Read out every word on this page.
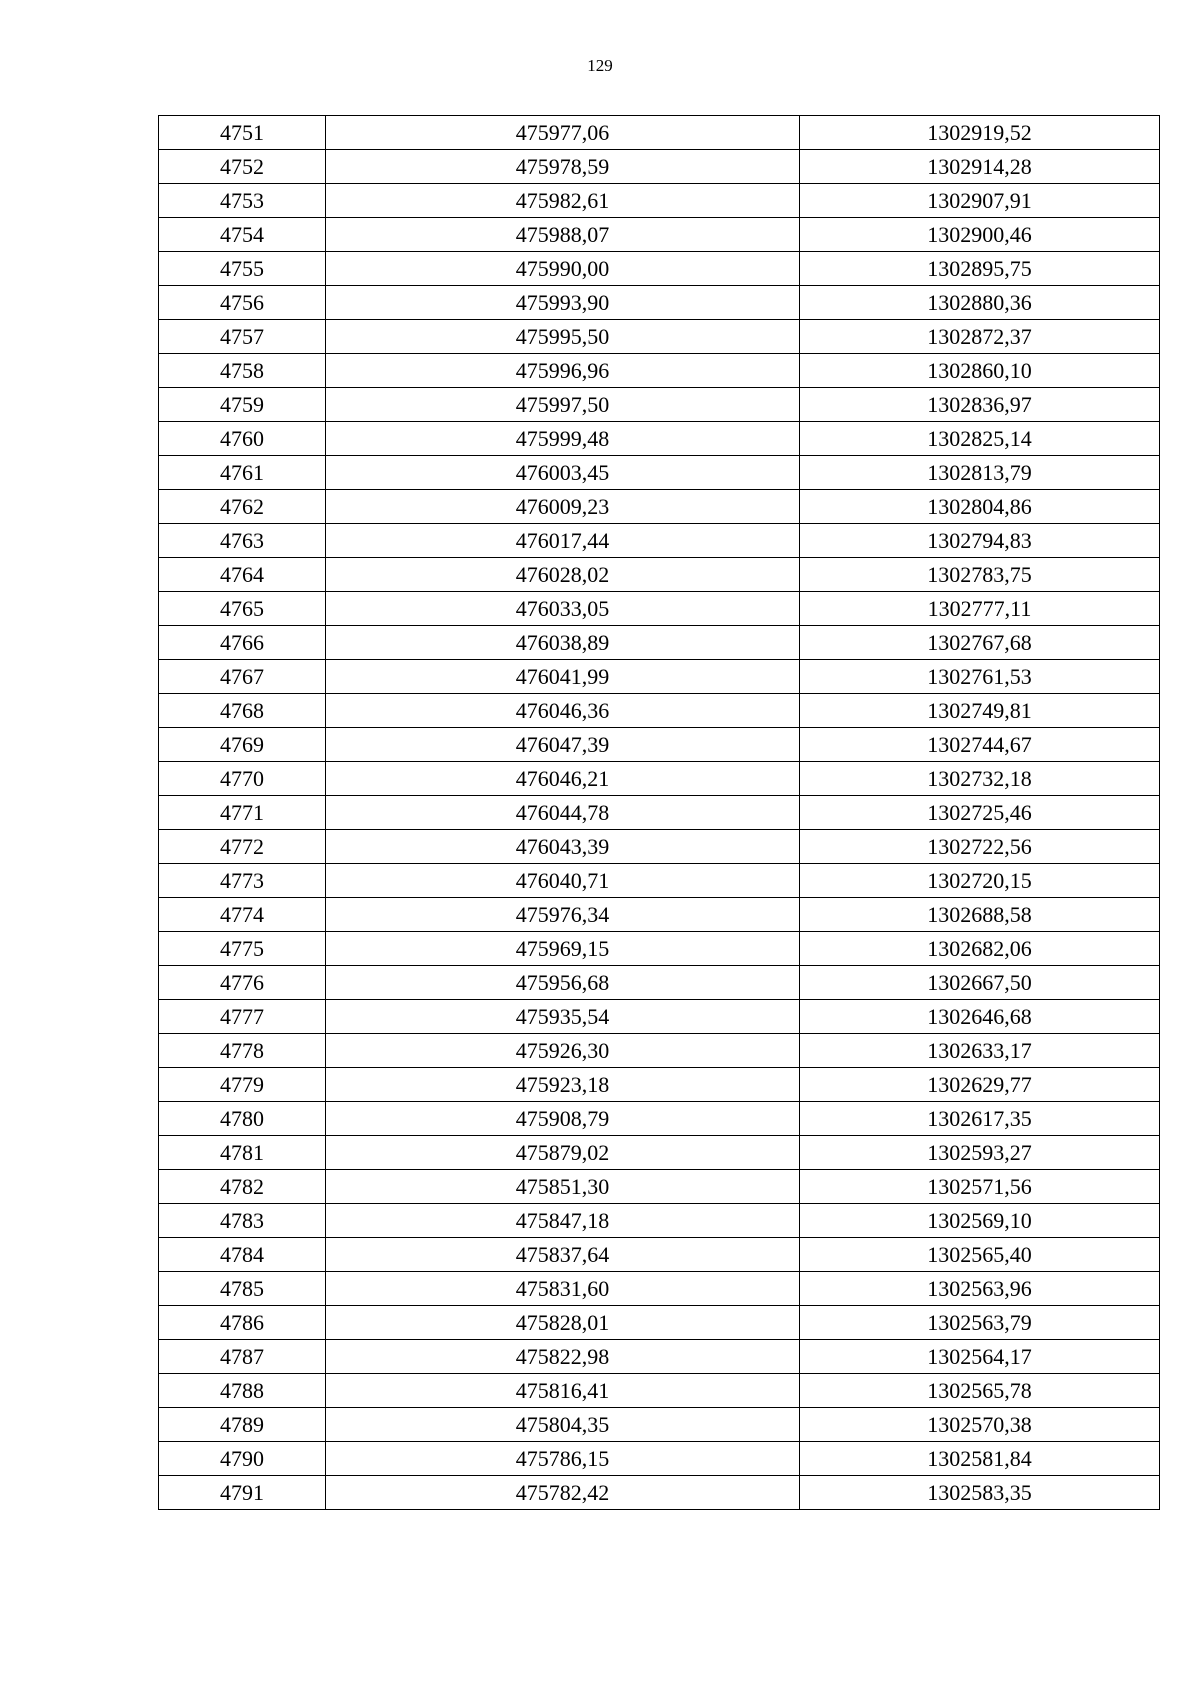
129
4751	475977,06	1302919,52
4752	475978,59	1302914,28
4753	475982,61	1302907,91
4754	475988,07	1302900,46
4755	475990,00	1302895,75
4756	475993,90	1302880,36
4757	475995,50	1302872,37
4758	475996,96	1302860,10
4759	475997,50	1302836,97
4760	475999,48	1302825,14
4761	476003,45	1302813,79
4762	476009,23	1302804,86
4763	476017,44	1302794,83
4764	476028,02	1302783,75
4765	476033,05	1302777,11
4766	476038,89	1302767,68
4767	476041,99	1302761,53
4768	476046,36	1302749,81
4769	476047,39	1302744,67
4770	476046,21	1302732,18
4771	476044,78	1302725,46
4772	476043,39	1302722,56
4773	476040,71	1302720,15
4774	475976,34	1302688,58
4775	475969,15	1302682,06
4776	475956,68	1302667,50
4777	475935,54	1302646,68
4778	475926,30	1302633,17
4779	475923,18	1302629,77
4780	475908,79	1302617,35
4781	475879,02	1302593,27
4782	475851,30	1302571,56
4783	475847,18	1302569,10
4784	475837,64	1302565,40
4785	475831,60	1302563,96
4786	475828,01	1302563,79
4787	475822,98	1302564,17
4788	475816,41	1302565,78
4789	475804,35	1302570,38
4790	475786,15	1302581,84
4791	475782,42	1302583,35
